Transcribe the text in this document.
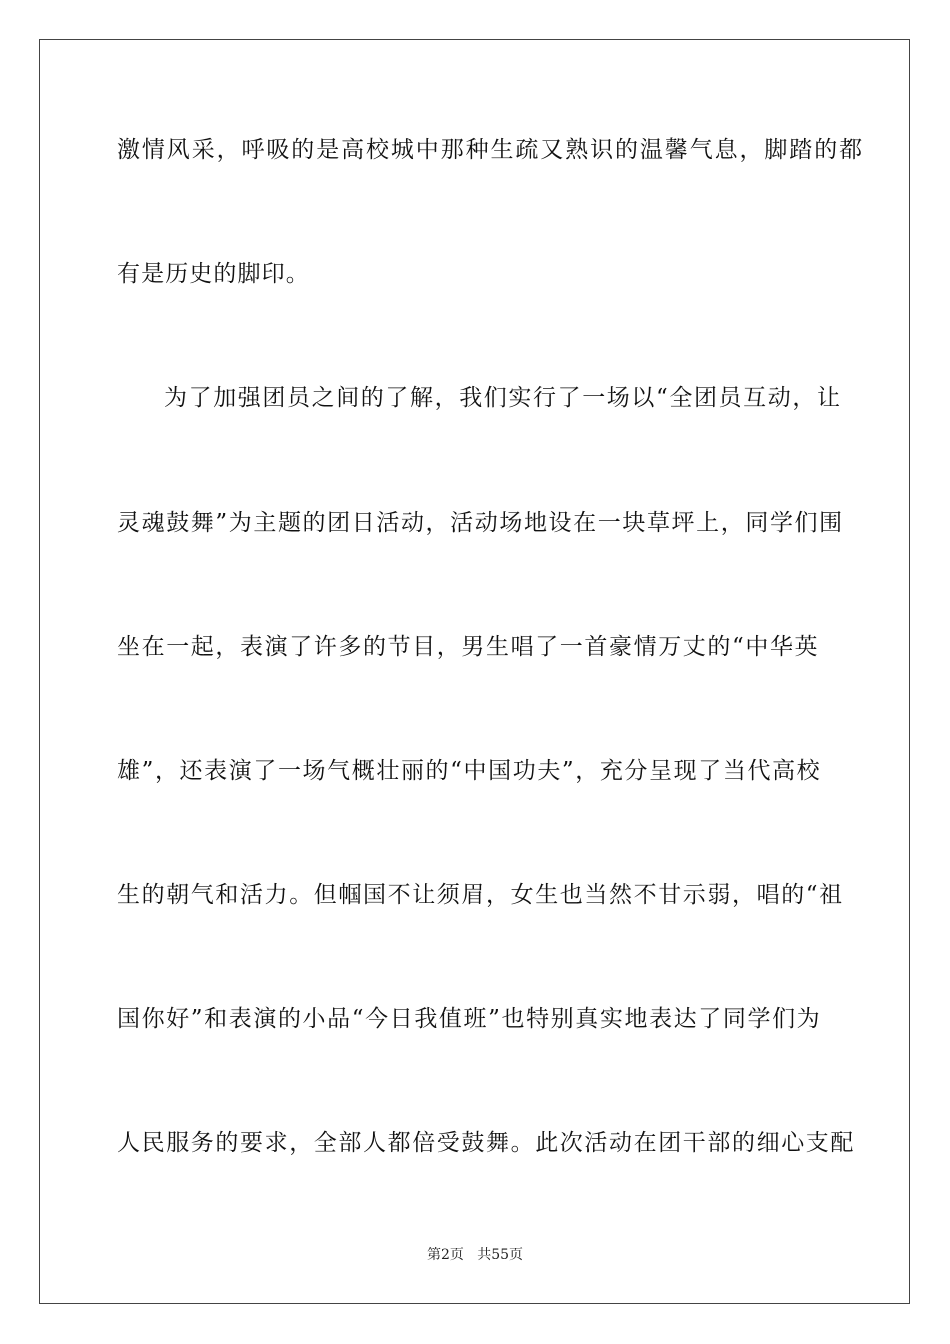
激情风采，呼吸的是高校城中那种生疏又熟识的温馨气息，脚踏的都
有是历史的脚印。
为了加强团员之间的了解，我们实行了一场以“全团员互动，让
灵魂鼓舞”为主题的团日活动，活动场地设在一块草坪上，同学们围
坐在一起，表演了许多的节目，男生唱了一首豪情万丈的“中华英
雄”，还表演了一场气概壮丽的“中国功夫”，充分呈现了当代高校
生的朝气和活力。但帼国不让须眉，女生也当然不甘示弱，唱的“祖
国你好”和表演的小品“今日我值班”也特别真实地表达了同学们为
人民服务的要求，全部人都倍受鼓舞。此次活动在团干部的细心支配
第2页   共55页
